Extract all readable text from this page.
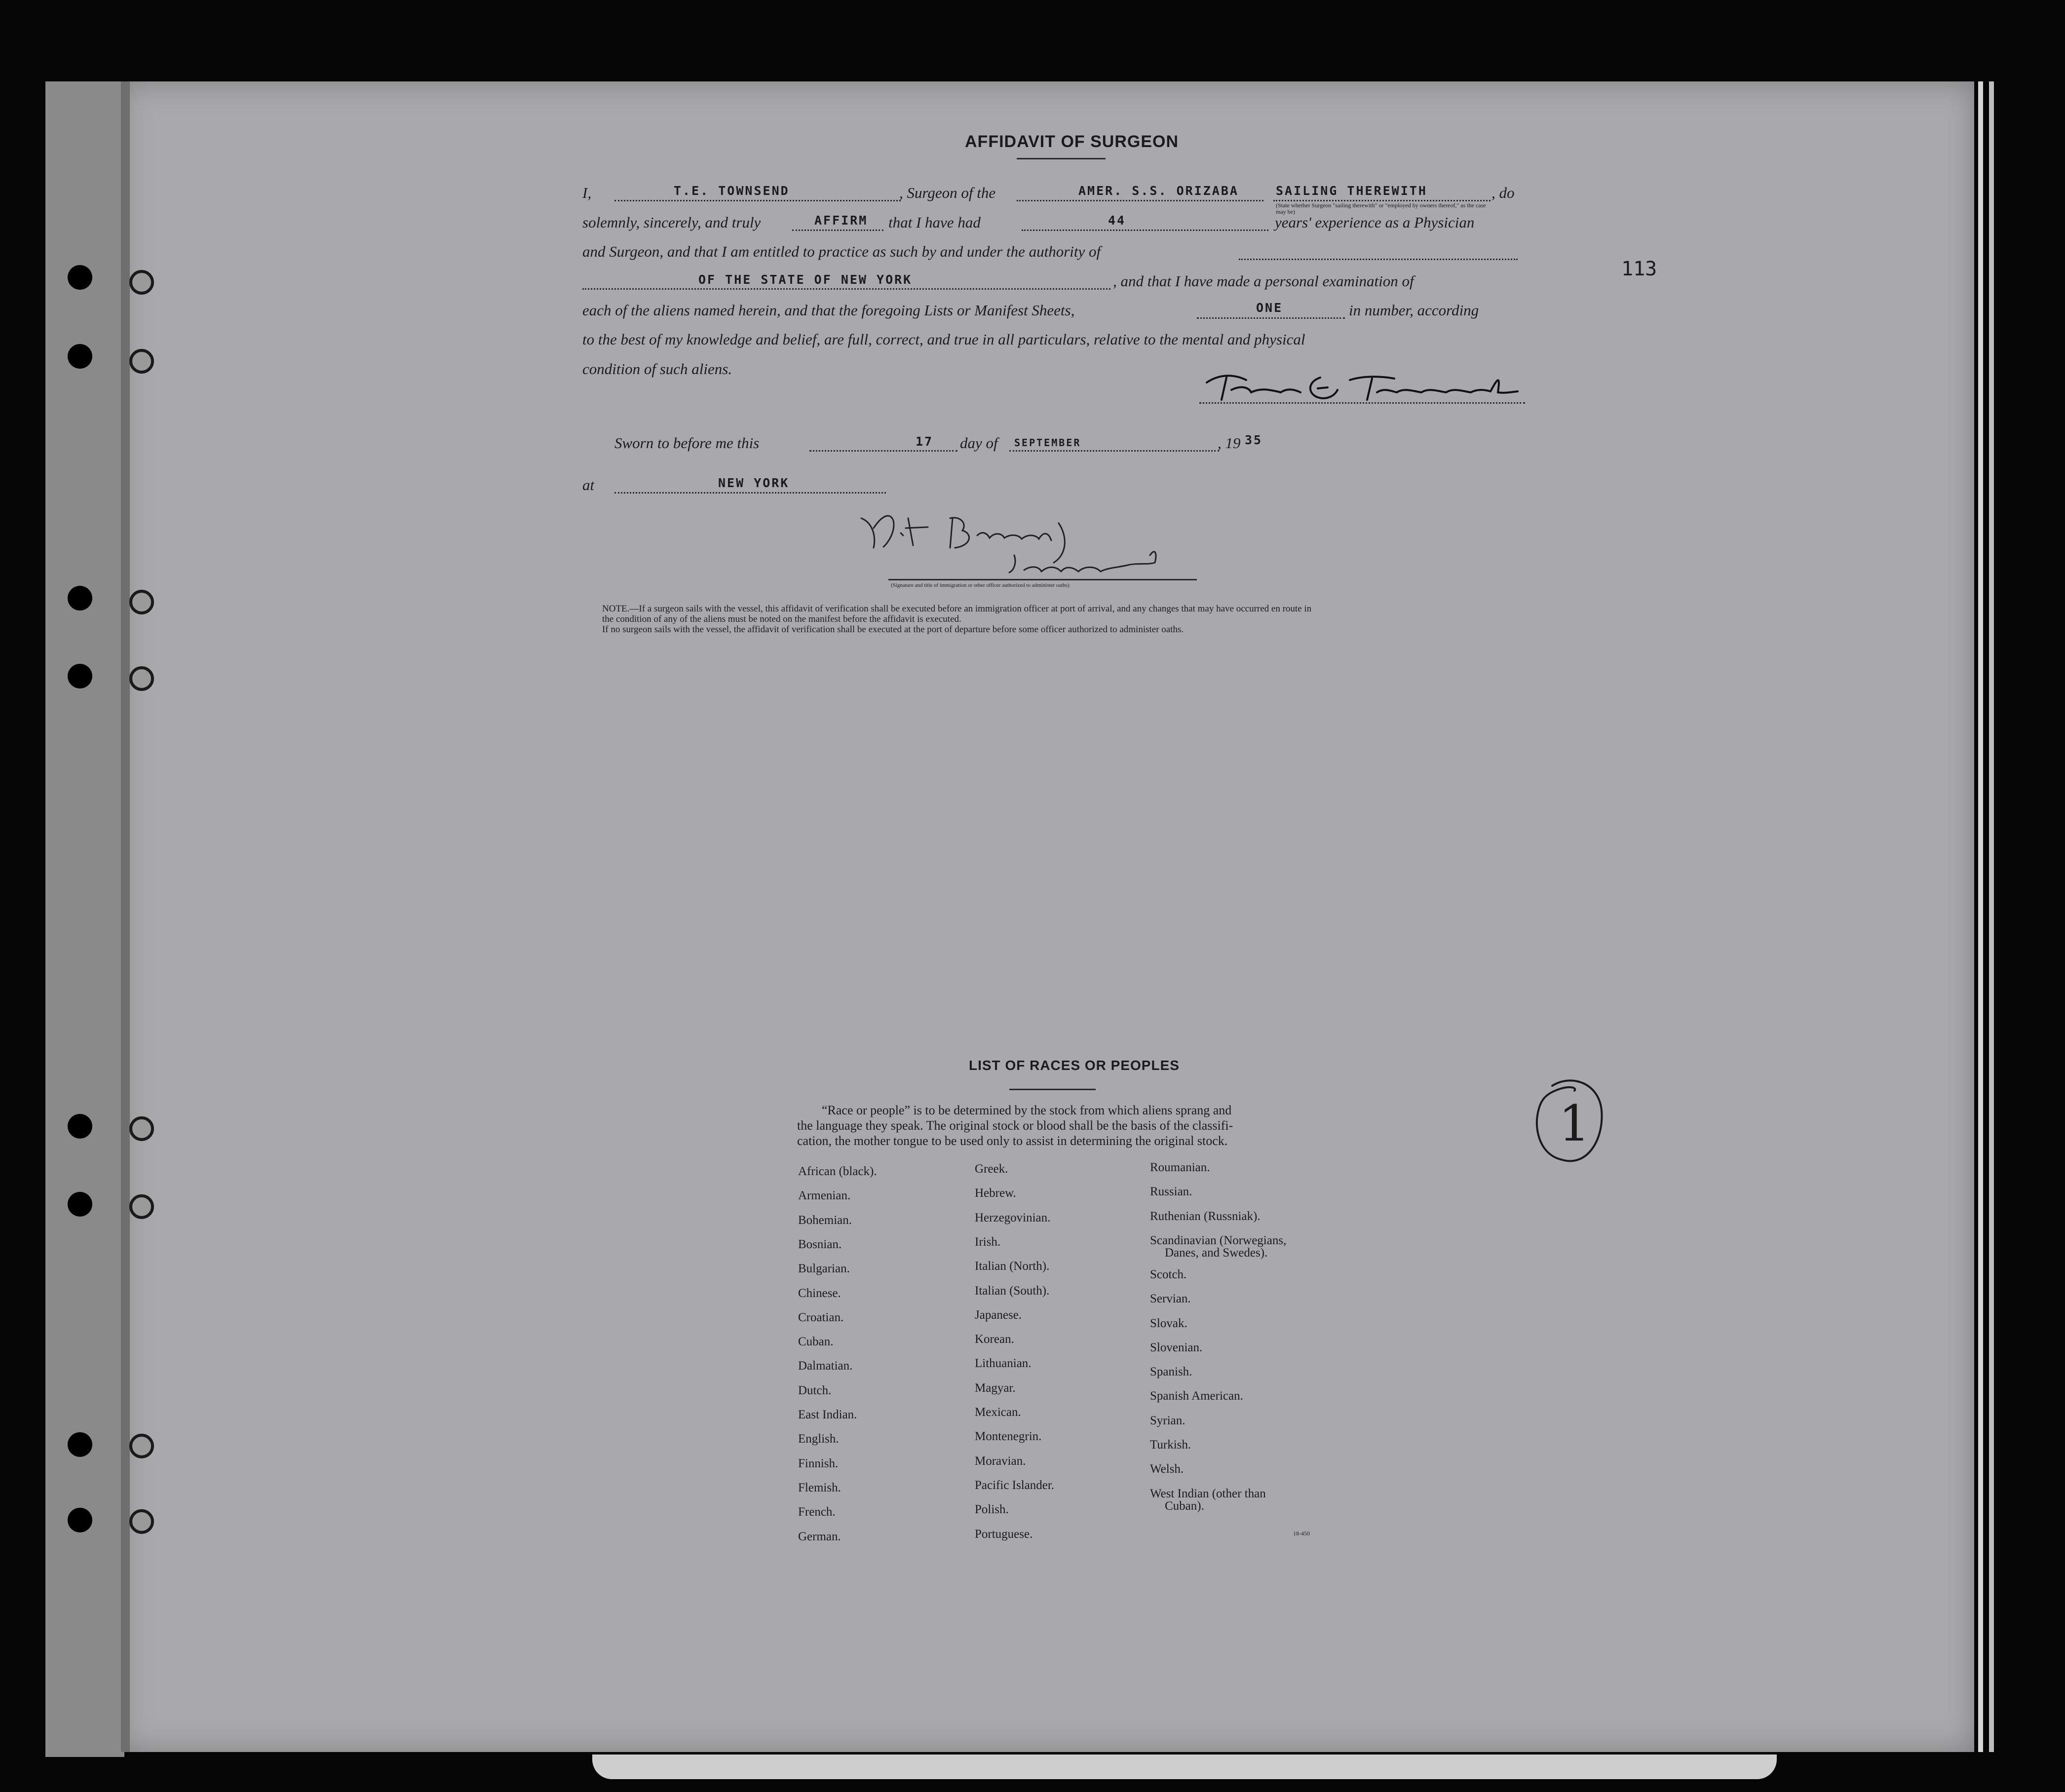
113
AFFIDAVIT OF SURGEON
I,	T.E. TOWNSEND	, Surgeon of the	AMER. S.S. ORIZABA	SAILING THEREWITH	, do
(State whether Surgeon "sailing therewith" or "employed by owners thereof," as the case may be)
solemnly, sincerely, and truly	AFFIRM that I have had	44	years' experience as a Physician
and Surgeon, and that I am entitled to practice as such by and under the authority of
OF THE STATE OF NEW YORK	, and that I have made a personal examination of
each of the aliens named herein, and that the foregoing Lists or Manifest Sheets,	ONE	in number, according
to the best of my knowledge and belief, are full, correct, and true in all particulars, relative to the mental and physical
condition of such aliens.
Sworn to before me this	17 day of SEPTEMBER	, 19 35
at	NEW YORK
(Signature and title of immigration or other officer authorized to administer oaths)
NOTE.—If a surgeon sails with the vessel, this affidavit of verification shall be executed before an immigration officer at port of arrival, and any changes that may have occurred en route in
the condition of any of the aliens must be noted on the manifest before the affidavit is executed.
If no surgeon sails with the vessel, the affidavit of verification shall be executed at the port of departure before some officer authorized to administer oaths.
LIST OF RACES OR PEOPLES
“Race or people” is to be determined by the stock from which aliens sprang and
the language they speak. The original stock or blood shall be the basis of the classifi-
cation, the mother tongue to be used only to assist in determining the original stock.
African (black).
Armenian.
Bohemian.
Bosnian.
Bulgarian.
Chinese.
Croatian.
Cuban.
Dalmatian.
Dutch.
East Indian.
English.
Finnish.
Flemish.
French.
German.
Greek.
Hebrew.
Herzegovinian.
Irish.
Italian (North).
Italian (South).
Japanese.
Korean.
Lithuanian.
Magyar.
Mexican.
Montenegrin.
Moravian.
Pacific Islander.
Polish.
Portuguese.
Roumanian.
Russian.
Ruthenian (Russniak).
Scandinavian (Norwegians,
Danes, and Swedes).
Scotch.
Servian.
Slovak.
Slovenian.
Spanish.
Spanish American.
Syrian.
Turkish.
Welsh.
West Indian (other than
Cuban).
18-450
1
